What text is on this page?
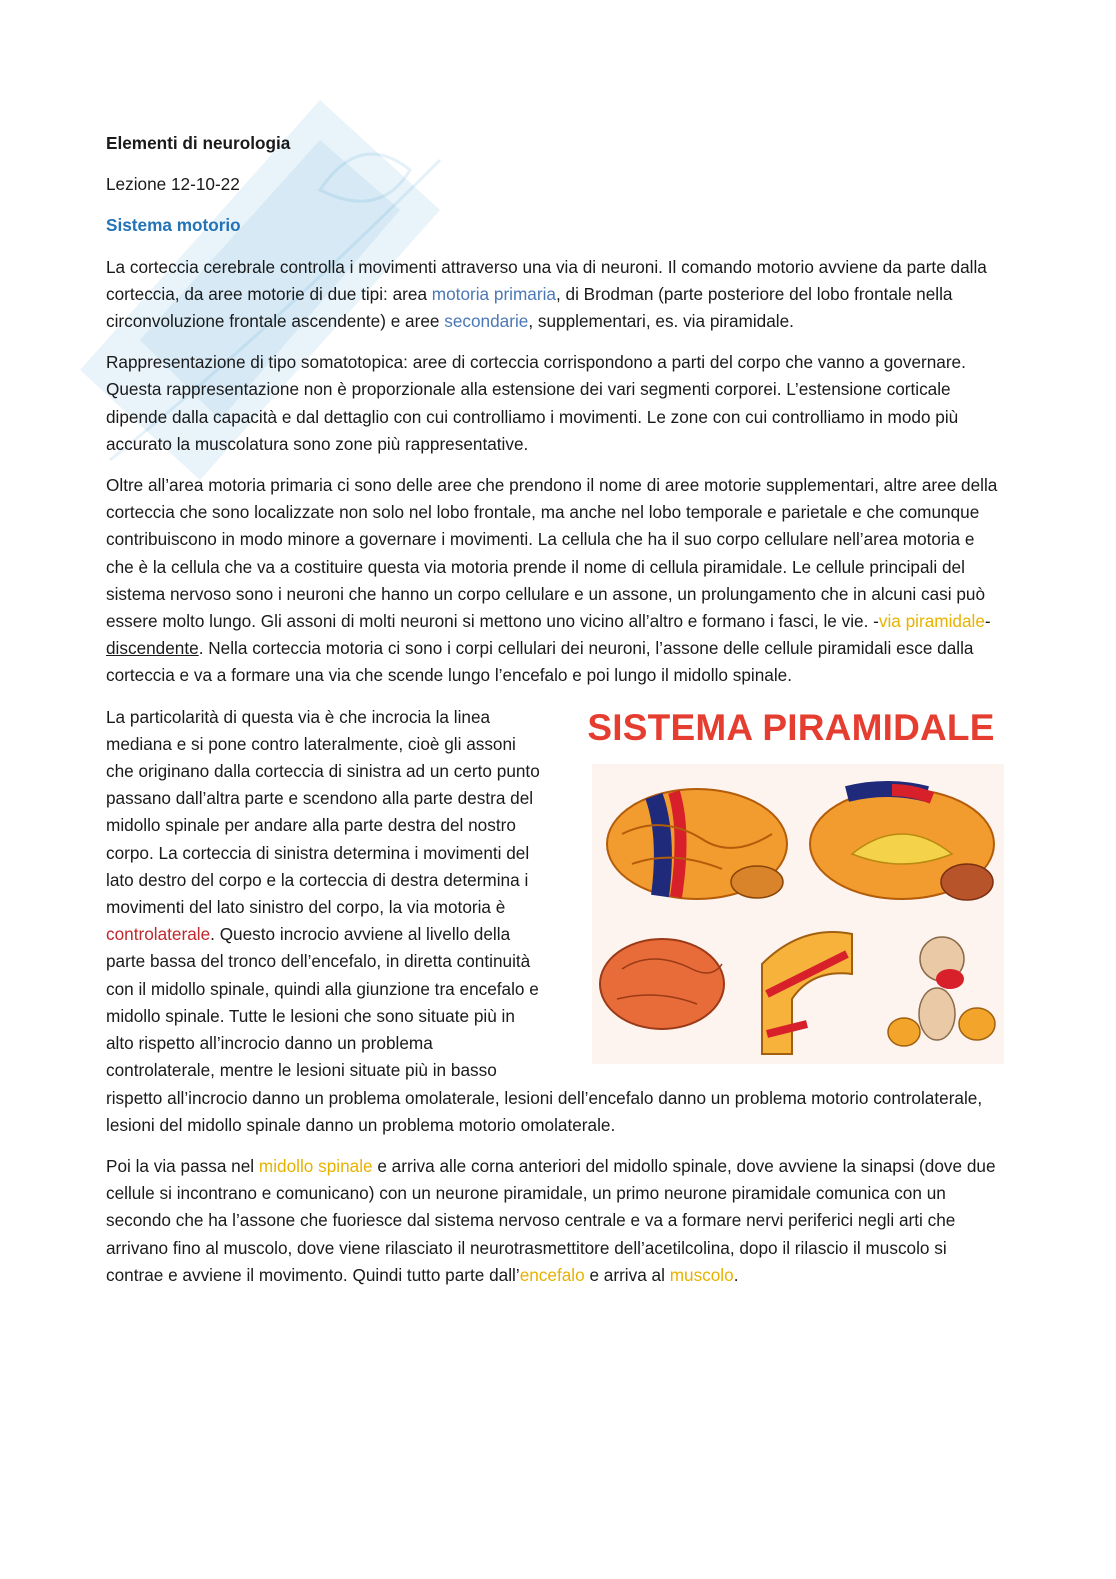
Elementi di neurologia

Lezione 12-10-22

Sistema motorio

La corteccia cerebrale controlla i movimenti attraverso una via di neuroni. Il comando motorio avviene da parte dalla corteccia, da aree motorie di due tipi: area motoria primaria, di Brodman (parte posteriore del lobo frontale nella circonvoluzione frontale ascendente) e aree secondarie, supplementari, es. via piramidale.

Rappresentazione di tipo somatotopica: aree di corteccia corrispondono a parti del corpo che vanno a governare. Questa rappresentazione non è proporzionale alla estensione dei vari segmenti corporei. L’estensione corticale dipende dalla capacità e dal dettaglio con cui controlliamo i movimenti. Le zone con cui controlliamo in modo più accurato la muscolatura sono zone più rappresentative.

Oltre all’area motoria primaria ci sono delle aree che prendono il nome di aree motorie supplementari, altre aree della corteccia che sono localizzate non solo nel lobo frontale, ma anche nel lobo temporale e parietale e che comunque contribuiscono in modo minore a governare i movimenti. La cellula che ha il suo corpo cellulare nell’area motoria e che è la cellula che va a costituire questa via motoria prende il nome di cellula piramidale. Le cellule principali del sistema nervoso sono i neuroni che hanno un corpo cellulare e un assone, un prolungamento che in alcuni casi può essere molto lungo. Gli assoni di molti neuroni si mettono uno vicino all’altro e formano i fasci, le vie. -via piramidale- discendente. Nella corteccia motoria ci sono i corpi cellulari dei neuroni, l’assone delle cellule piramidali esce dalla corteccia e va a formare una via che scende lungo l’encefalo e poi lungo il midollo spinale.

SISTEMA PIRAMIDALE

La particolarità di questa via è che incrocia la linea mediana e si pone contro lateralmente, cioè gli assoni che originano dalla corteccia di sinistra ad un certo punto passano dall’altra parte e scendono alla parte destra del midollo spinale per andare alla parte destra del nostro corpo. La corteccia di sinistra determina i movimenti del lato destro del corpo e la corteccia di destra determina i movimenti del lato sinistro del corpo, la via motoria è controlaterale. Questo incrocio avviene al livello della parte bassa del tronco dell’encefalo, in diretta continuità con il midollo spinale, quindi alla giunzione tra encefalo e midollo spinale. Tutte le lesioni che sono situate più in alto rispetto all’incrocio danno un problema controlaterale, mentre le lesioni situate più in basso rispetto all’incrocio danno un problema omolaterale, lesioni dell’encefalo danno un problema motorio controlaterale, lesioni del midollo spinale danno un problema motorio omolaterale.

Poi la via passa nel midollo spinale e arriva alle corna anteriori del midollo spinale, dove avviene la sinapsi (dove due cellule si incontrano e comunicano) con un neurone piramidale, un primo neurone piramidale comunica con un secondo che ha l’assone che fuoriesce dal sistema nervoso centrale e va a formare nervi periferici negli arti che arrivano fino al muscolo, dove viene rilasciato il neurotrasmettitore dell’acetilcolina, dopo il rilascio il muscolo si contrae e avviene il movimento. Quindi tutto parte dall’encefalo e arriva al muscolo.
